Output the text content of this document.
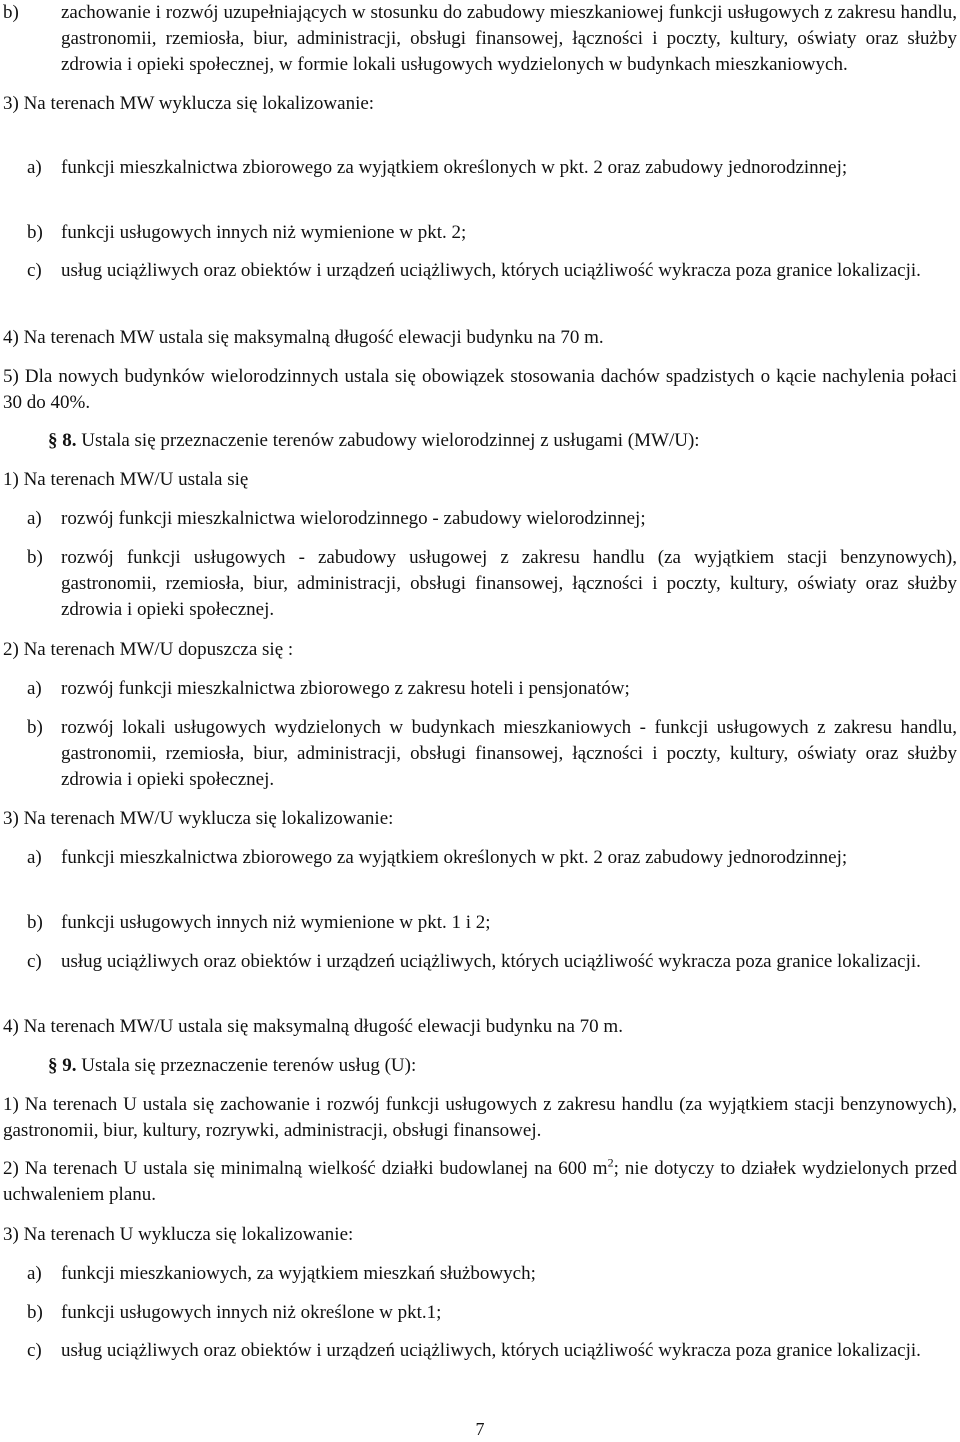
b)	zachowanie i rozwój uzupełniających w stosunku do zabudowy mieszkaniowej funkcji usługowych z zakresu handlu, gastronomii, rzemiosła, biur, administracji, obsługi finansowej, łączności i poczty, kultury, oświaty oraz służby zdrowia i opieki społecznej, w formie lokali usługowych wydzielonych w budynkach mieszkaniowych.
3) Na terenach MW wyklucza się lokalizowanie:
a)	funkcji mieszkalnictwa zbiorowego za wyjątkiem określonych w pkt. 2 oraz zabudowy jednorodzinnej;
b) funkcji usługowych innych niż wymienione w pkt. 2;
c)	usług uciążliwych oraz obiektów i urządzeń uciążliwych, których uciążliwość wykracza poza granice lokalizacji.
4) Na terenach MW ustala się maksymalną długość elewacji budynku na 70 m.
5) Dla nowych budynków wielorodzinnych ustala się obowiązek stosowania dachów spadzistych o kącie nachylenia połaci 30 do 40%.
§ 8. Ustala się przeznaczenie terenów zabudowy wielorodzinnej z usługami (MW/U):
1) Na terenach MW/U ustala się
a)	rozwój funkcji mieszkalnictwa wielorodzinnego - zabudowy wielorodzinnej;
b) rozwój funkcji usługowych - zabudowy usługowej z zakresu handlu (za wyjątkiem stacji benzynowych), gastronomii, rzemiosła, biur, administracji, obsługi finansowej, łączności i poczty, kultury, oświaty oraz służby zdrowia i opieki społecznej.
2) Na terenach MW/U dopuszcza się :
a)	rozwój funkcji mieszkalnictwa zbiorowego z zakresu hoteli i pensjonatów;
b) rozwój lokali usługowych wydzielonych w budynkach mieszkaniowych - funkcji usługowych z zakresu handlu, gastronomii, rzemiosła, biur, administracji, obsługi finansowej, łączności i poczty, kultury, oświaty oraz służby zdrowia i opieki społecznej.
3) Na terenach MW/U wyklucza się lokalizowanie:
a)	funkcji mieszkalnictwa zbiorowego za wyjątkiem określonych w pkt. 2 oraz zabudowy jednorodzinnej;
b) funkcji usługowych innych niż wymienione w pkt. 1 i 2;
c)	usług uciążliwych oraz obiektów i urządzeń uciążliwych, których uciążliwość wykracza poza granice lokalizacji.
4) Na terenach MW/U ustala się maksymalną długość elewacji budynku na 70 m.
§ 9. Ustala się przeznaczenie terenów usług (U):
1) Na terenach U ustala się zachowanie i rozwój funkcji usługowych z zakresu handlu (za wyjątkiem stacji benzynowych), gastronomii, biur, kultury, rozrywki, administracji, obsługi finansowej.
2) Na terenach U ustala się minimalną wielkość działki budowlanej na 600 $m^2$; nie dotyczy to działek wydzielonych przed uchwaleniem planu.
3) Na terenach U wyklucza się lokalizowanie:
a)	funkcji mieszkaniowych, za wyjątkiem mieszkań służbowych;
b) funkcji usługowych innych niż określone w pkt.1;
c)	usług uciążliwych oraz obiektów i urządzeń uciążliwych, których uciążliwość wykracza poza granice lokalizacji.
7
